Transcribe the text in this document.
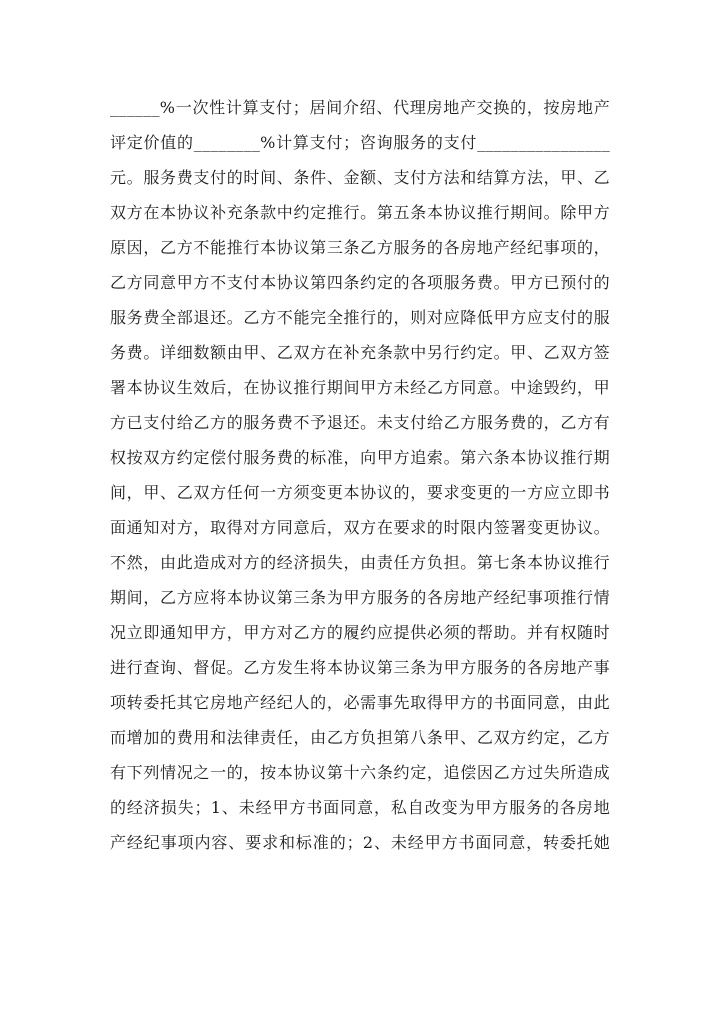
______%一次性计算支付；居间介绍、代理房地产交换的，按房地产
评定价值的________%计算支付；咨询服务的支付________________
元。服务费支付的时间、条件、金额、支付方法和结算方法，甲、乙
双方在本协议补充条款中约定推行。第五条本协议推行期间。除甲方
原因，乙方不能推行本协议第三条乙方服务的各房地产经纪事项的，
乙方同意甲方不支付本协议第四条约定的各项服务费。甲方已预付的
服务费全部退还。乙方不能完全推行的，则对应降低甲方应支付的服
务费。详细数额由甲、乙双方在补充条款中另行约定。甲、乙双方签
署本协议生效后，在协议推行期间甲方未经乙方同意。中途毁约，甲
方已支付给乙方的服务费不予退还。未支付给乙方服务费的，乙方有
权按双方约定偿付服务费的标准，向甲方追索。第六条本协议推行期
间，甲、乙双方任何一方须变更本协议的，要求变更的一方应立即书
面通知对方，取得对方同意后，双方在要求的时限内签署变更协议。
不然，由此造成对方的经济损失，由责任方负担。第七条本协议推行
期间，乙方应将本协议第三条为甲方服务的各房地产经纪事项推行情
况立即通知甲方，甲方对乙方的履约应提供必须的帮助。并有权随时
进行查询、督促。乙方发生将本协议第三条为甲方服务的各房地产事
项转委托其它房地产经纪人的，必需事先取得甲方的书面同意，由此
而增加的费用和法律责任，由乙方负担第八条甲、乙双方约定，乙方
有下列情况之一的，按本协议第十六条约定，追偿因乙方过失所造成
的经济损失；1、未经甲方书面同意，私自改变为甲方服务的各房地
产经纪事项内容、要求和标准的；2、未经甲方书面同意，转委托她
